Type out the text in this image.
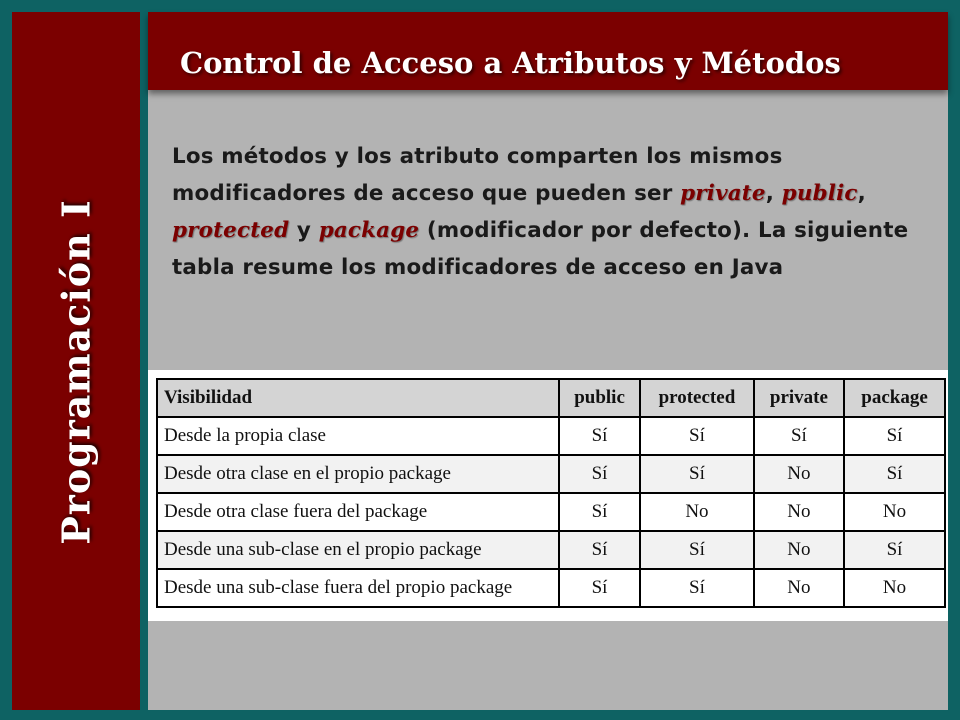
Programación I
Control de Acceso a Atributos y Métodos
Los métodos y los atributo comparten los mismos modificadores de acceso que pueden ser private, public, protected y package (modificador por defecto). La siguiente tabla resume los modificadores de acceso en Java
Visibilidad	public	protected	private	package
Desde la propia clase	Sí	Sí	Sí	Sí
Desde otra clase en el propio package	Sí	Sí	No	Sí
Desde otra clase fuera del package	Sí	No	No	No
Desde una sub-clase en el propio package	Sí	Sí	No	Sí
Desde una sub-clase fuera del propio package	Sí	Sí	No	No
